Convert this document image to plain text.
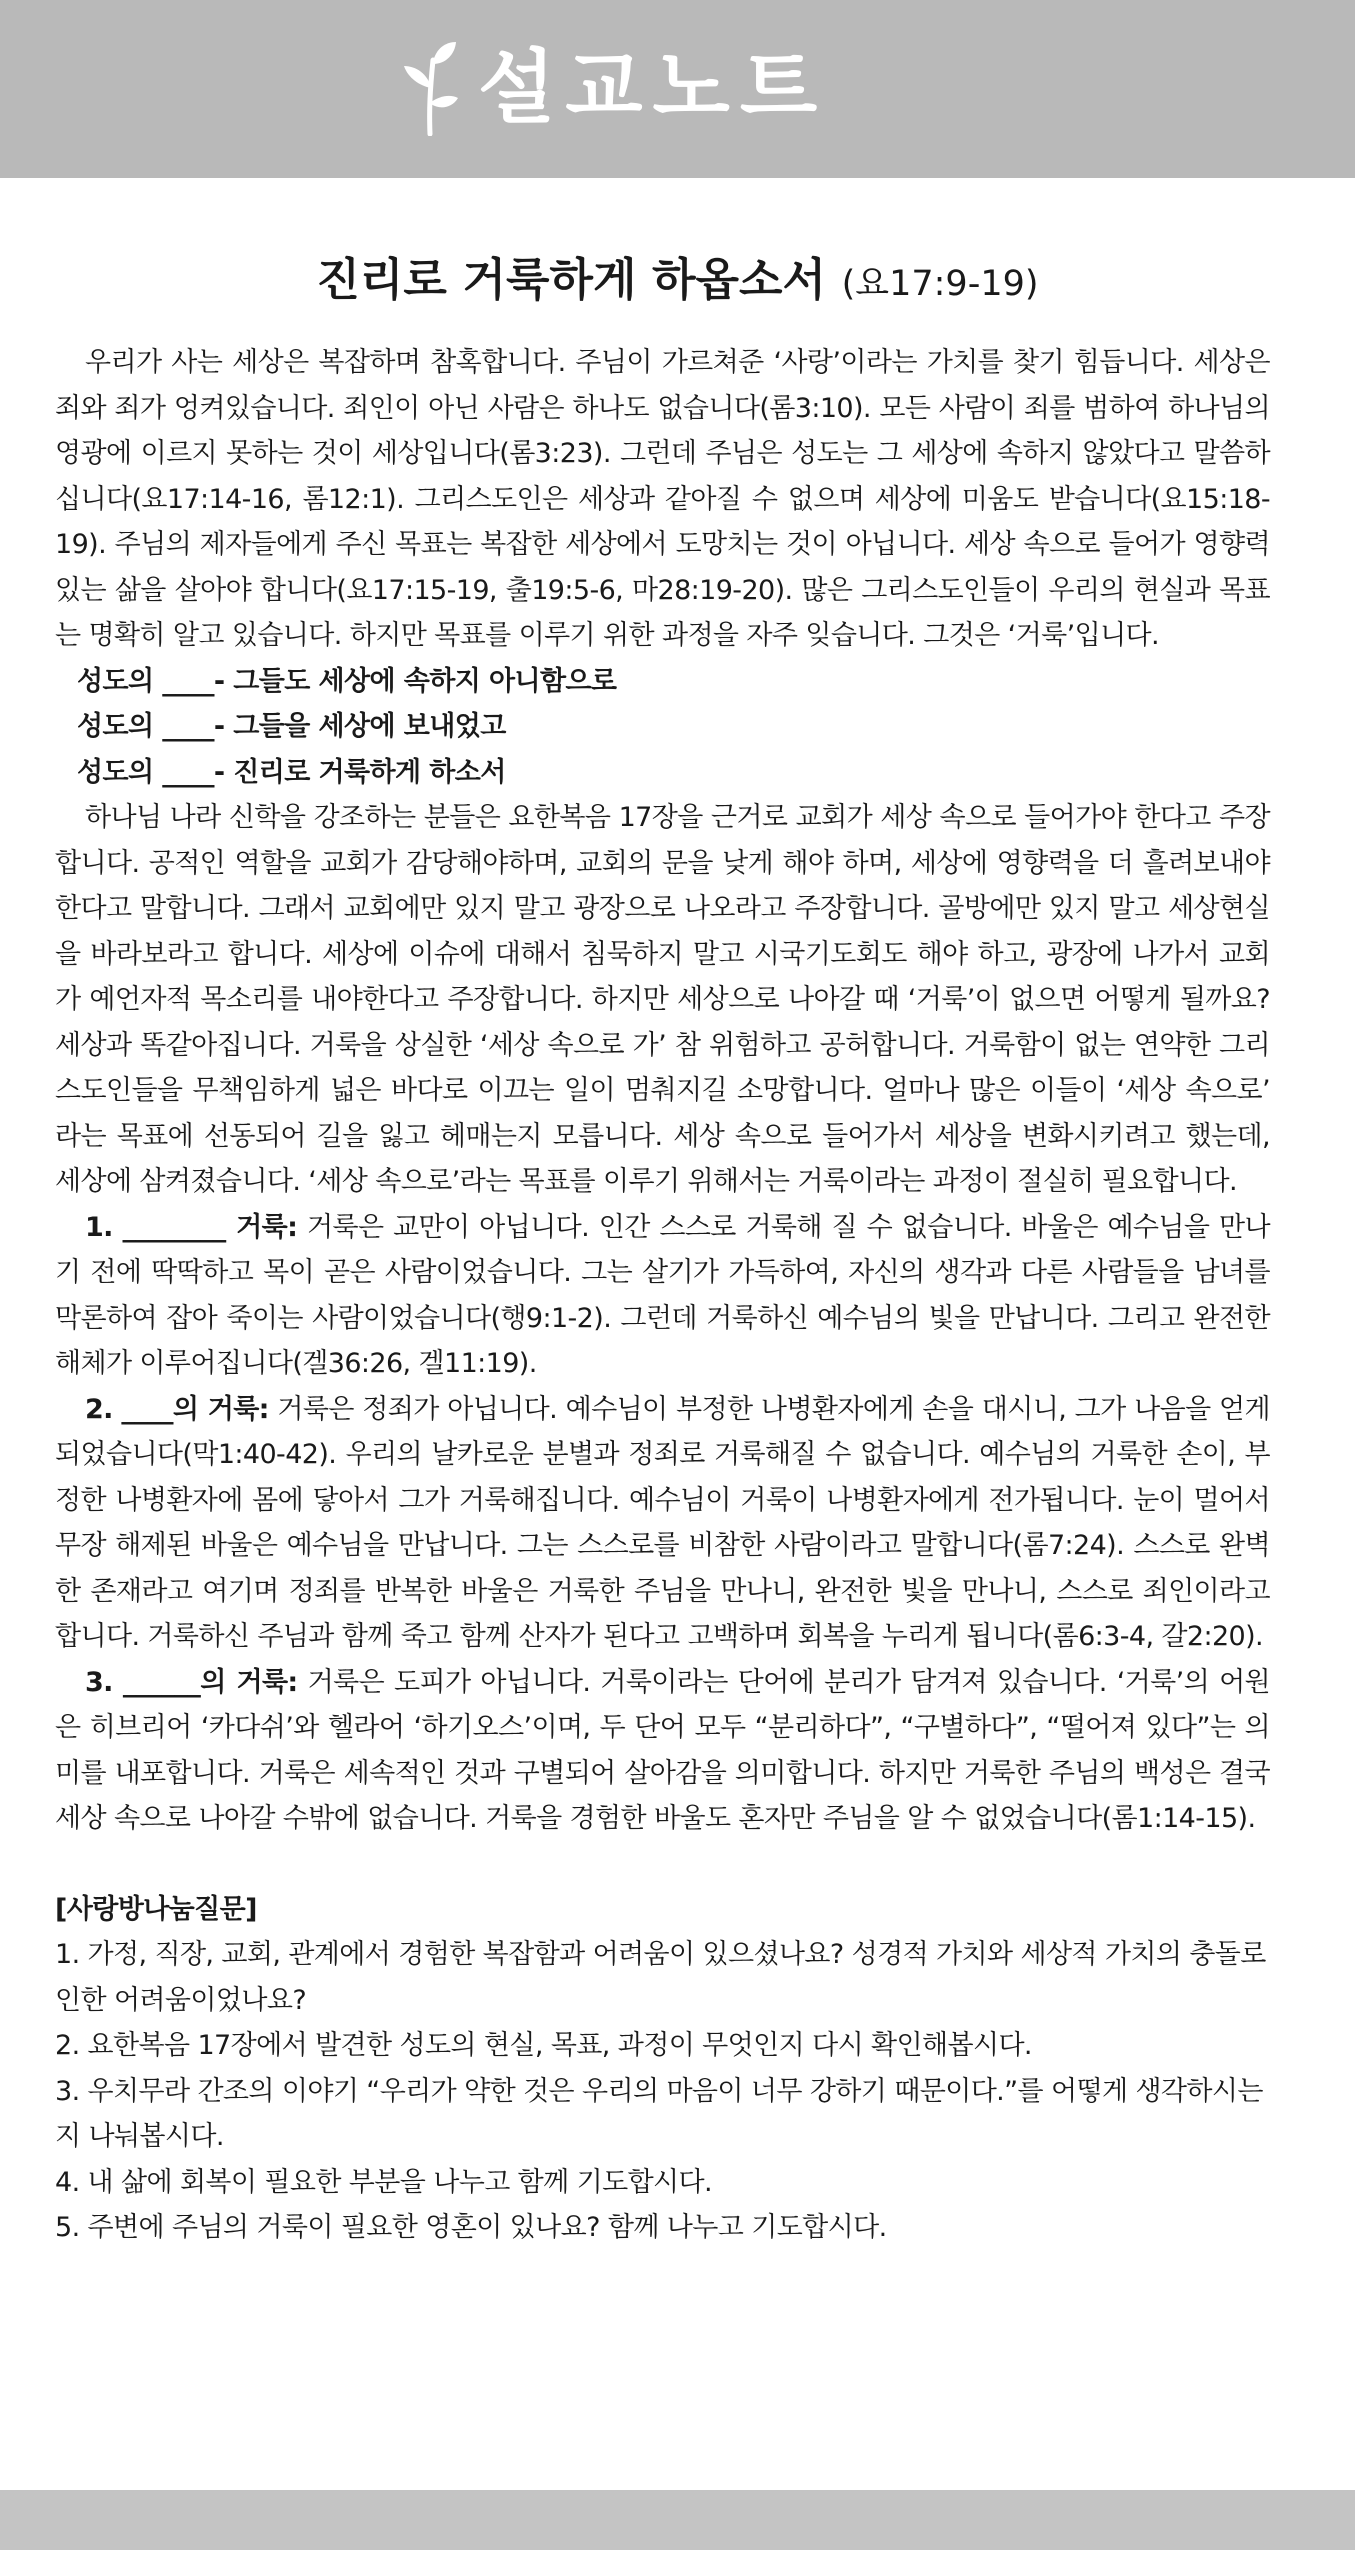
설교노트
진리로 거룩하게 하옵소서 (요17:9-19)

우리가 사는 세상은 복잡하며 참혹합니다. 주님이 가르쳐준 ‘사랑’이라는 가치를 찾기 힘듭니다. 세상은 죄와 죄가 엉켜있습니다. 죄인이 아닌 사람은 하나도 없습니다(롬3:10). 모든 사람이 죄를 범하여 하나님의 영광에 이르지 못하는 것이 세상입니다(롬3:23). 그런데 주님은 성도는 그 세상에 속하지 않았다고 말씀하십니다(요17:14-16, 롬12:1). 그리스도인은 세상과 같아질 수 없으며 세상에 미움도 받습니다(요15:18-19). 주님의 제자들에게 주신 목표는 복잡한 세상에서 도망치는 것이 아닙니다. 세상 속으로 들어가 영향력 있는 삶을 살아야 합니다(요17:15-19, 출19:5-6, 마28:19-20). 많은 그리스도인들이 우리의 현실과 목표는 명확히 알고 있습니다. 하지만 목표를 이루기 위한 과정을 자주 잊습니다. 그것은 ‘거룩’입니다.

성도의 ____- 그들도 세상에 속하지 아니함으로

성도의 ____- 그들을 세상에 보내었고

성도의 ____- 진리로 거룩하게 하소서

하나님 나라 신학을 강조하는 분들은 요한복음 17장을 근거로 교회가 세상 속으로 들어가야 한다고 주장합니다. 공적인 역할을 교회가 감당해야하며, 교회의 문을 낮게 해야 하며, 세상에 영향력을 더 흘려보내야 한다고 말합니다. 그래서 교회에만 있지 말고 광장으로 나오라고 주장합니다. 골방에만 있지 말고 세상현실을 바라보라고 합니다. 세상에 이슈에 대해서 침묵하지 말고 시국기도회도 해야 하고, 광장에 나가서 교회가 예언자적 목소리를 내야한다고 주장합니다. 하지만 세상으로 나아갈 때 ‘거룩’이 없으면 어떻게 될까요? 세상과 똑같아집니다. 거룩을 상실한 ‘세상 속으로 가’ 참 위험하고 공허합니다. 거룩함이 없는 연약한 그리스도인들을 무책임하게 넓은 바다로 이끄는 일이 멈춰지길 소망합니다. 얼마나 많은 이들이 ‘세상 속으로’ 라는 목표에 선동되어 길을 잃고 헤매는지 모릅니다. 세상 속으로 들어가서 세상을 변화시키려고 했는데, 세상에 삼켜졌습니다. ‘세상 속으로’라는 목표를 이루기 위해서는 거룩이라는 과정이 절실히 필요합니다.

1. ________ 거룩: 거룩은 교만이 아닙니다. 인간 스스로 거룩해 질 수 없습니다. 바울은 예수님을 만나기 전에 딱딱하고 목이 곧은 사람이었습니다. 그는 살기가 가득하여, 자신의 생각과 다른 사람들을 남녀를 막론하여 잡아 죽이는 사람이었습니다(행9:1-2). 그런데 거룩하신 예수님의 빛을 만납니다. 그리고 완전한 해체가 이루어집니다(겔36:26, 겔11:19).

2. ____의 거룩: 거룩은 정죄가 아닙니다. 예수님이 부정한 나병환자에게 손을 대시니, 그가 나음을 얻게 되었습니다(막1:40-42). 우리의 날카로운 분별과 정죄로 거룩해질 수 없습니다. 예수님의 거룩한 손이, 부정한 나병환자에 몸에 닿아서 그가 거룩해집니다. 예수님이 거룩이 나병환자에게 전가됩니다. 눈이 멀어서 무장 해제된 바울은 예수님을 만납니다. 그는 스스로를 비참한 사람이라고 말합니다(롬7:24). 스스로 완벽한 존재라고 여기며 정죄를 반복한 바울은 거룩한 주님을 만나니, 완전한 빛을 만나니, 스스로 죄인이라고 합니다. 거룩하신 주님과 함께 죽고 함께 산자가 된다고 고백하며 회복을 누리게 됩니다(롬6:3-4, 갈2:20).

3. ______의 거룩: 거룩은 도피가 아닙니다. 거룩이라는 단어에 분리가 담겨져 있습니다. ‘거룩’의 어원은 히브리어 ‘카다쉬’와 헬라어 ‘하기오스’이며, 두 단어 모두 “분리하다”, “구별하다”, “떨어져 있다”는 의미를 내포합니다. 거룩은 세속적인 것과 구별되어 살아감을 의미합니다. 하지만 거룩한 주님의 백성은 결국 세상 속으로 나아갈 수밖에 없습니다. 거룩을 경험한 바울도 혼자만 주님을 알 수 없었습니다(롬1:14-15).

[사랑방나눔질문]

1. 가정, 직장, 교회, 관계에서 경험한 복잡함과 어려움이 있으셨나요? 성경적 가치와 세상적 가치의 충돌로 인한 어려움이었나요?

2. 요한복음 17장에서 발견한 성도의 현실, 목표, 과정이 무엇인지 다시 확인해봅시다.

3. 우치무라 간조의 이야기 “우리가 약한 것은 우리의 마음이 너무 강하기 때문이다.”를 어떻게 생각하시는지 나눠봅시다.

4. 내 삶에 회복이 필요한 부분을 나누고 함께 기도합시다.

5. 주변에 주님의 거룩이 필요한 영혼이 있나요? 함께 나누고 기도합시다.
